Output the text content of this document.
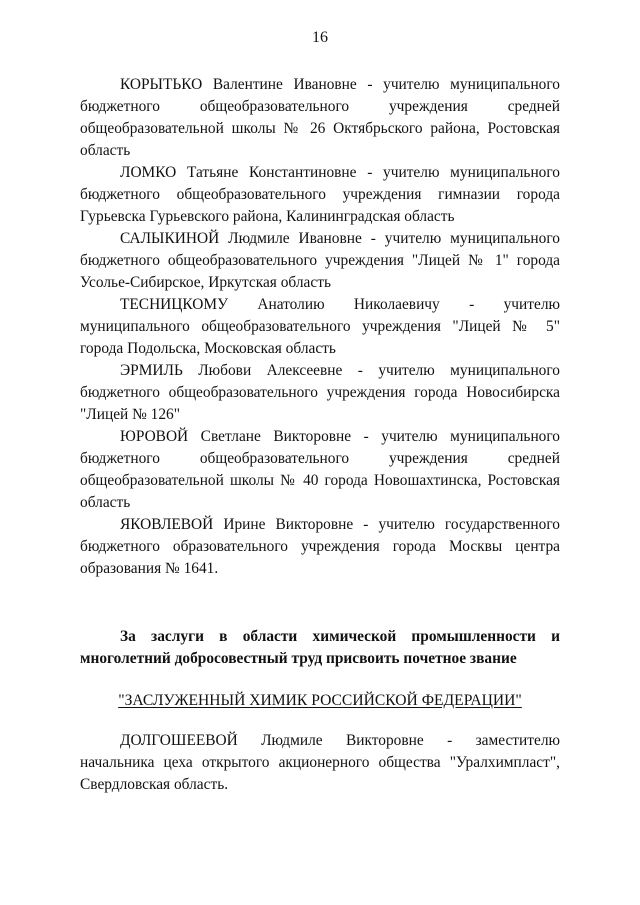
16

КОРЫТЬКО Валентине Ивановне - учителю муниципального бюджетного общеобразовательного учреждения средней общеобразовательной школы № 26 Октябрьского района, Ростовская область

ЛОМКО Татьяне Константиновне - учителю муниципального бюджетного общеобразовательного учреждения гимназии города Гурьевска Гурьевского района, Калининградская область

САЛЫКИНОЙ Людмиле Ивановне - учителю муниципального бюджетного общеобразовательного учреждения "Лицей № 1" города Усолье-Сибирское, Иркутская область

ТЕСНИЦКОМУ Анатолию Николаевичу - учителю муниципального общеобразовательного учреждения "Лицей № 5" города Подольска, Московская область

ЭРМИЛЬ Любови Алексеевне - учителю муниципального бюджетного общеобразовательного учреждения города Новосибирска "Лицей № 126"

ЮРОВОЙ Светлане Викторовне - учителю муниципального бюджетного общеобразовательного учреждения средней общеобразовательной школы № 40 города Новошахтинска, Ростовская область

ЯКОВЛЕВОЙ Ирине Викторовне - учителю государственного бюджетного образовательного учреждения города Москвы центра образования № 1641.

За заслуги в области химической промышленности и многолетний добросовестный труд присвоить почетное звание

"ЗАСЛУЖЕННЫЙ ХИМИК РОССИЙСКОЙ ФЕДЕРАЦИИ"

ДОЛГОШЕЕВОЙ Людмиле Викторовне - заместителю начальника цеха открытого акционерного общества "Уралхимпласт", Свердловская область.
